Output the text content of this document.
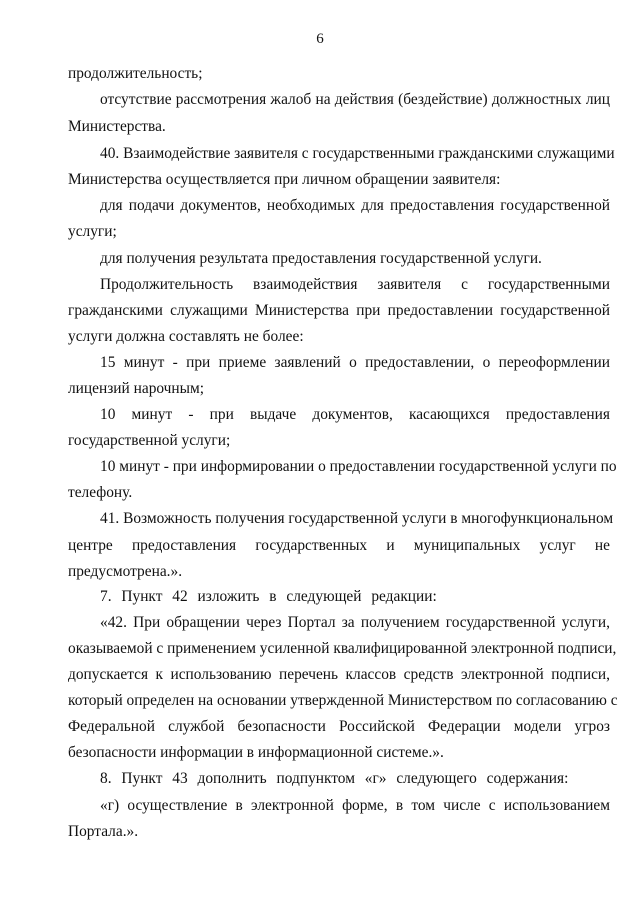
6
продолжительность;
отсутствие рассмотрения жалоб на действия (бездействие) должностных лиц
Министерства.
40. Взаимодействие заявителя с государственными гражданскими служащими
Министерства осуществляется при личном обращении заявителя:
для подачи документов, необходимых для предоставления государственной
услуги;
для получения результата предоставления государственной услуги.
Продолжительность взаимодействия заявителя с государственными
гражданскими служащими Министерства при предоставлении государственной
услуги должна составлять не более:
15 минут - при приеме заявлений о предоставлении, о переоформлении
лицензий нарочным;
10 минут - при выдаче документов, касающихся предоставления
государственной услуги;
10 минут - при информировании о предоставлении государственной услуги по
телефону.
41. Возможность получения государственной услуги в многофункциональном
центре предоставления государственных и муниципальных услуг не
предусмотрена.».
7. Пункт 42 изложить в следующей редакции:
«42. При обращении через Портал за получением государственной услуги,
оказываемой с применением усиленной квалифицированной электронной подписи,
допускается к использованию перечень классов средств электронной подписи,
который определен на основании утвержденной Министерством по согласованию с
Федеральной службой безопасности Российской Федерации модели угроз
безопасности информации в информационной системе.».
8. Пункт 43 дополнить подпунктом «г» следующего содержания:
«г) осуществление в электронной форме, в том числе с использованием
Портала.».
